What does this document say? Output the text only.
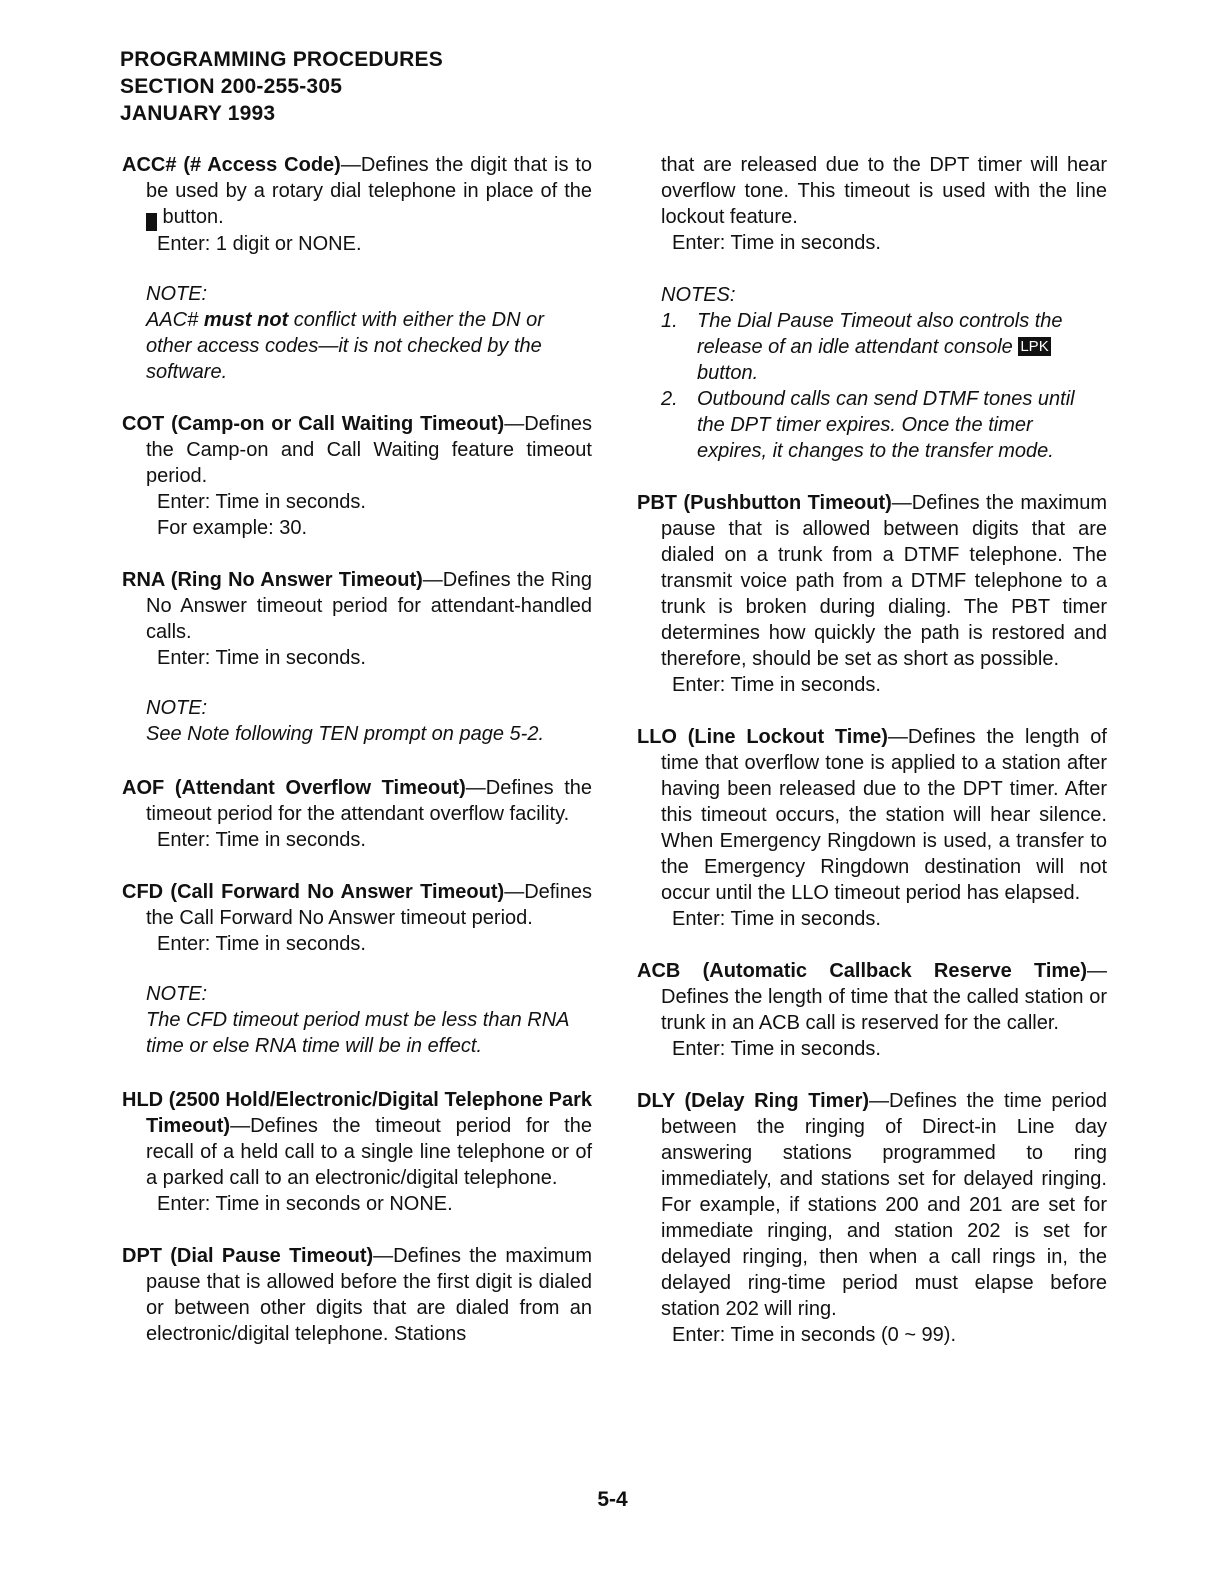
PROGRAMMING PROCEDURES
SECTION 200-255-305
JANUARY 1993

ACC# (# Access Code)—Defines the digit that is to be used by a rotary dial telephone in place of the # button.

Enter: 1 digit or NONE.
NOTE:
AAC# must not conflict with either the DN or other access codes—it is not checked by the software.

COT (Camp-on or Call Waiting Timeout)—Defines the Camp-on and Call Waiting feature timeout period.

Enter: Time in seconds.
For example: 30.

RNA (Ring No Answer Timeout)—Defines the Ring No Answer timeout period for attendant-handled calls.

Enter: Time in seconds.
NOTE:
See Note following TEN prompt on page 5-2.

AOF (Attendant Overflow Timeout)—Defines the timeout period for the attendant overflow facility.

Enter: Time in seconds.

CFD (Call Forward No Answer Timeout)—Defines the Call Forward No Answer timeout period.

Enter: Time in seconds.
NOTE:
The CFD timeout period must be less than RNA time or else RNA time will be in effect.

HLD (2500 Hold/Electronic/Digital Telephone Park Timeout)—Defines the timeout period for the recall of a held call to a single line telephone or of a parked call to an electronic/digital telephone.

Enter: Time in seconds or NONE.

DPT (Dial Pause Timeout)—Defines the maximum pause that is allowed before the first digit is dialed or between other digits that are dialed from an electronic/digital telephone. Stations

that are released due to the DPT timer will hear overflow tone. This timeout is used with the line lockout feature.

Enter: Time in seconds.
NOTES:
1. The Dial Pause Timeout also controls the release of an idle attendant console LPK button.
2. Outbound calls can send DTMF tones until the DPT timer expires. Once the timer expires, it changes to the transfer mode.

PBT (Pushbutton Timeout)—Defines the maximum pause that is allowed between digits that are dialed on a trunk from a DTMF telephone. The transmit voice path from a DTMF telephone to a trunk is broken during dialing. The PBT timer determines how quickly the path is restored and therefore, should be set as short as possible.

Enter: Time in seconds.

LLO (Line Lockout Time)—Defines the length of time that overflow tone is applied to a station after having been released due to the DPT timer. After this timeout occurs, the station will hear silence. When Emergency Ringdown is used, a transfer to the Emergency Ringdown destination will not occur until the LLO timeout period has elapsed.

Enter: Time in seconds.

ACB (Automatic Callback Reserve Time)—Defines the length of time that the called station or trunk in an ACB call is reserved for the caller.

Enter: Time in seconds.

DLY (Delay Ring Timer)—Defines the time period between the ringing of Direct-in Line day answering stations programmed to ring immediately, and stations set for delayed ringing. For example, if stations 200 and 201 are set for immediate ringing, and station 202 is set for delayed ringing, then when a call rings in, the delayed ring-time period must elapse before station 202 will ring.

Enter: Time in seconds (0 ~ 99).
5-4
